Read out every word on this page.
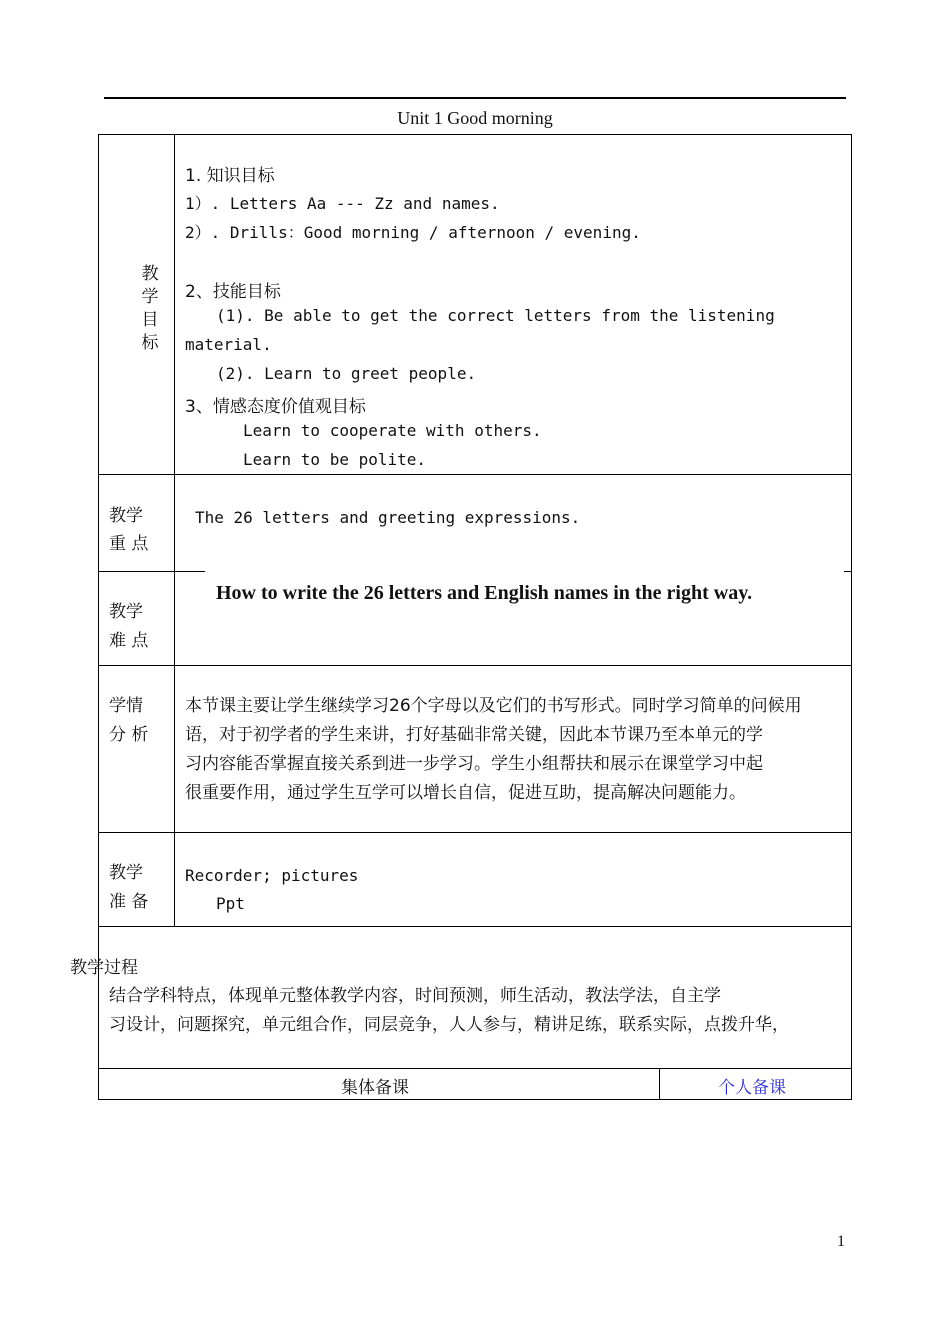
Unit 1 Good morning
教
学
目
标
1. 知识目标
1）. Letters Aa --- Zz and names.
2）. Drills：Good morning / afternoon / evening.
2、技能目标
(1). Be able to get the correct letters from the listening
material.
(2). Learn to greet people.
3、情感态度价值观目标
Learn to cooperate with others.
Learn to be polite.
教学
重 点
The 26 letters and greeting expressions.
教学
难 点
How to write the 26 letters and English names in the right way.
学情
分 析
本节课主要让学生继续学习26个字母以及它们的书写形式。同时学习简单的问候用
语，对于初学者的学生来讲，打好基础非常关键，因此本节课乃至本单元的学
习内容能否掌握直接关系到进一步学习。学生小组帮扶和展示在课堂学习中起
很重要作用，通过学生互学可以增长自信，促进互助，提高解决问题能力。
教学
准 备
Recorder; pictures
Ppt
教学过程
结合学科特点，体现单元整体教学内容，时间预测，师生活动，教法学法，自主学
习设计，问题探究，单元组合作，同层竞争，人人参与，精讲足练，联系实际，点拨升华，
集体备课	个人备课
1
